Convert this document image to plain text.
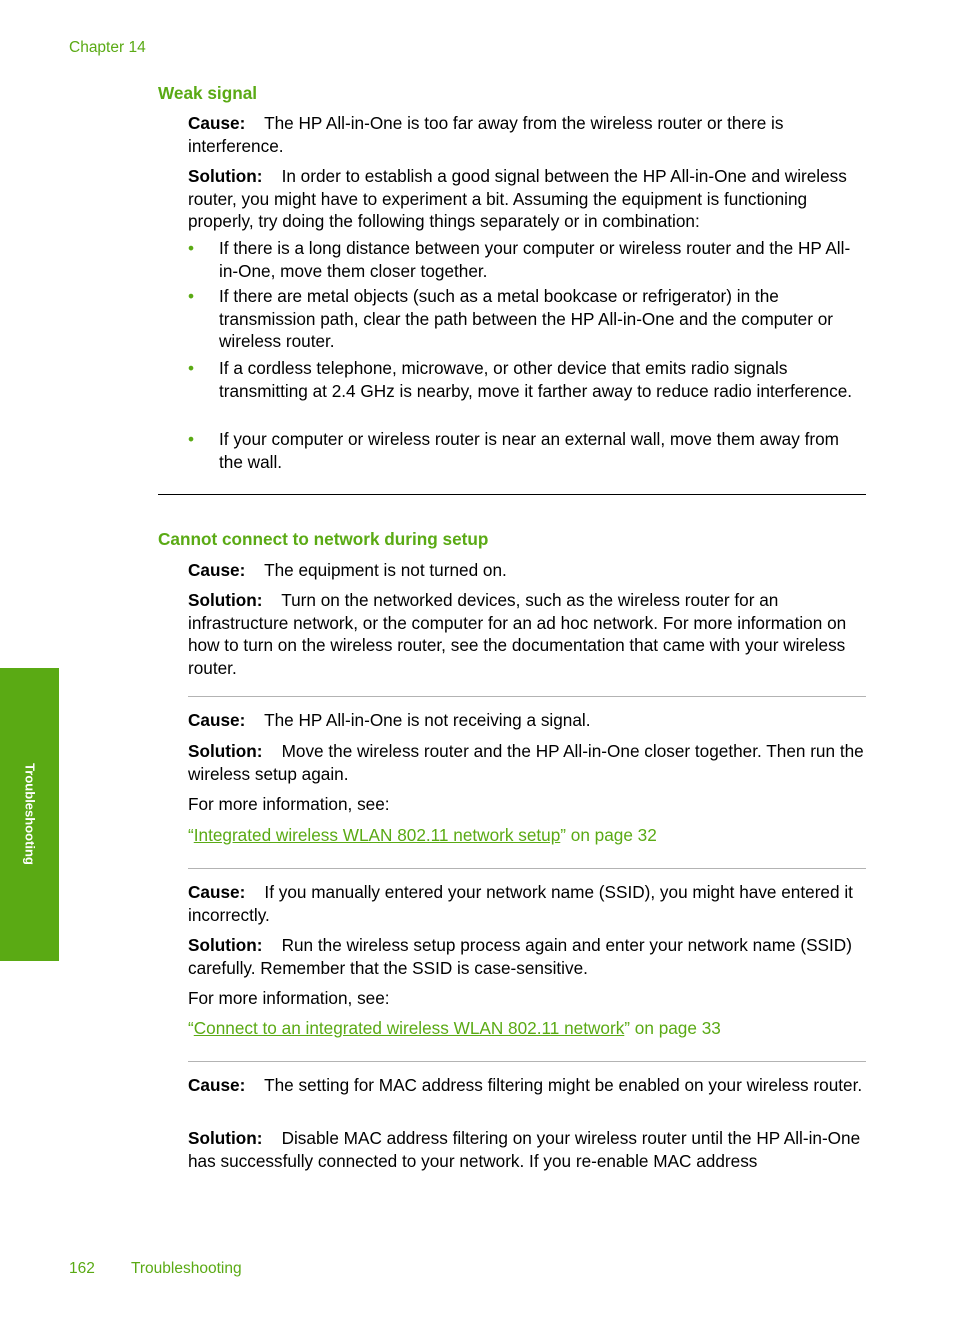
Chapter 14
Weak signal

Cause: The HP All-in-One is too far away from the wireless router or there is interference.

Solution: In order to establish a good signal between the HP All-in-One and wireless router, you might have to experiment a bit. Assuming the equipment is functioning properly, try doing the following things separately or in combination:

• If there is a long distance between your computer or wireless router and the HP All-in-One, move them closer together.
• If there are metal objects (such as a metal bookcase or refrigerator) in the transmission path, clear the path between the HP All-in-One and the computer or wireless router.
• If a cordless telephone, microwave, or other device that emits radio signals transmitting at 2.4 GHz is nearby, move it farther away to reduce radio interference.
• If your computer or wireless router is near an external wall, move them away from the wall.
Cannot connect to network during setup

Cause: The equipment is not turned on.

Solution: Turn on the networked devices, such as the wireless router for an infrastructure network, or the computer for an ad hoc network. For more information on how to turn on the wireless router, see the documentation that came with your wireless router.

Cause: The HP All-in-One is not receiving a signal.

Solution: Move the wireless router and the HP All-in-One closer together. Then run the wireless setup again.

For more information, see:

“Integrated wireless WLAN 802.11 network setup” on page 32

Cause: If you manually entered your network name (SSID), you might have entered it incorrectly.

Solution: Run the wireless setup process again and enter your network name (SSID) carefully. Remember that the SSID is case-sensitive.

For more information, see:

“Connect to an integrated wireless WLAN 802.11 network” on page 33

Cause: The setting for MAC address filtering might be enabled on your wireless router.

Solution: Disable MAC address filtering on your wireless router until the HP All-in-One has successfully connected to your network. If you re-enable MAC address

Troubleshooting
162 Troubleshooting
